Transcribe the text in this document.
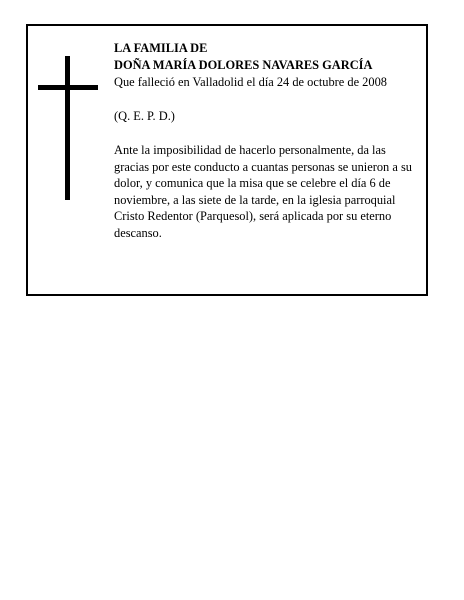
LA FAMILIA DE
DOÑA MARÍA DOLORES NAVARES GARCÍA
Que falleció en Valladolid el día 24 de octubre de 2008
(Q. E. P. D.)
Ante la imposibilidad de hacerlo personalmente, da las gracias por este conducto a cuantas personas se unieron a su dolor, y comunica que la misa que se celebre el día 6 de noviembre, a las siete de la tarde, en la iglesia parroquial Cristo Redentor (Parquesol), será aplicada por su eterno descanso.
